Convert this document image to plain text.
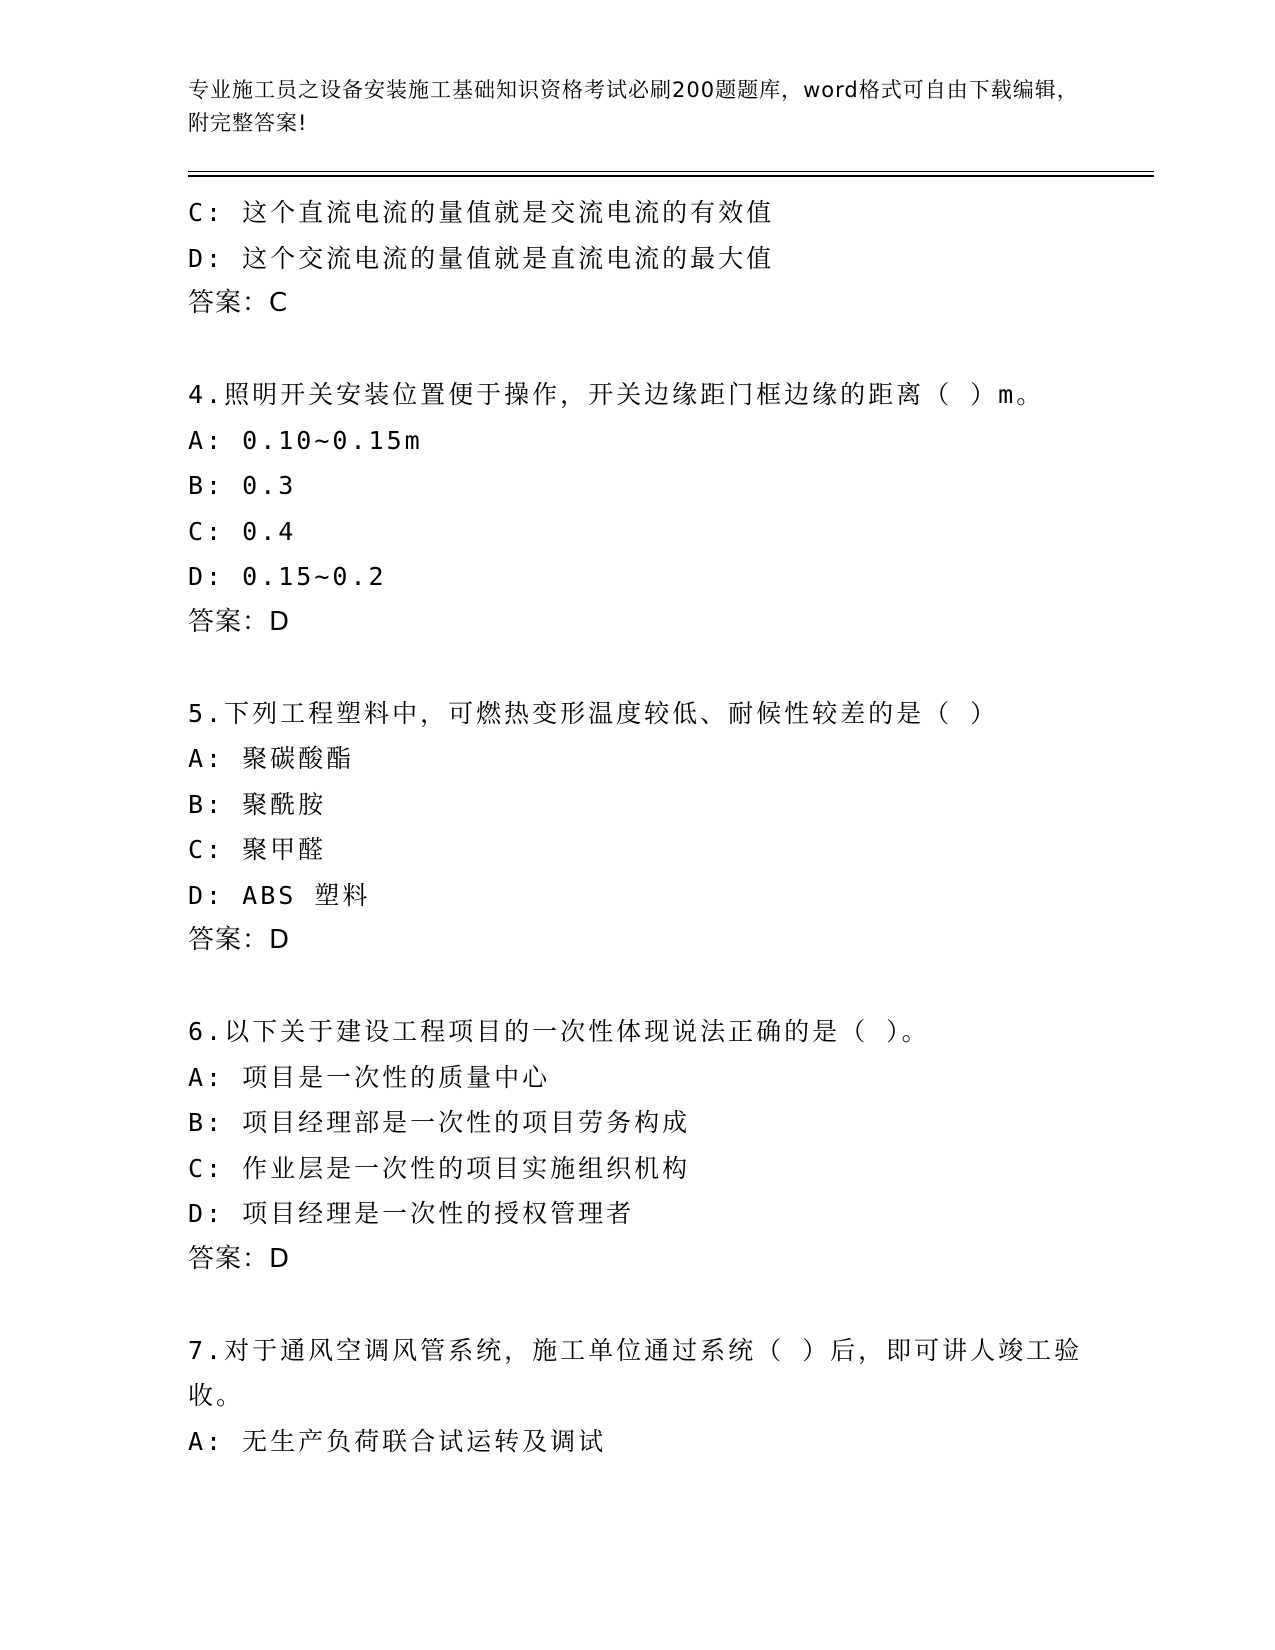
专业施工员之设备安装施工基础知识资格考试必刷200题题库，word格式可自由下载编辑，附完整答案!
C: 这个直流电流的量值就是交流电流的有效值
D: 这个交流电流的量值就是直流电流的最大值
答案：C
4.照明开关安装位置便于操作，开关边缘距门框边缘的距离（ ）m。
A: 0.10~0.15m
B: 0.3
C: 0.4
D: 0.15~0.2
答案：D
5.下列工程塑料中，可燃热变形温度较低、耐候性较差的是（ ）
A: 聚碳酸酯
B: 聚酰胺
C: 聚甲醛
D: ABS 塑料
答案：D
6.以下关于建设工程项目的一次性体现说法正确的是（ ）。
A: 项目是一次性的质量中心
B: 项目经理部是一次性的项目劳务构成
C: 作业层是一次性的项目实施组织机构
D: 项目经理是一次性的授权管理者
答案：D
7.对于通风空调风管系统，施工单位通过系统（ ）后，即可讲人竣工验收。
A: 无生产负荷联合试运转及调试
